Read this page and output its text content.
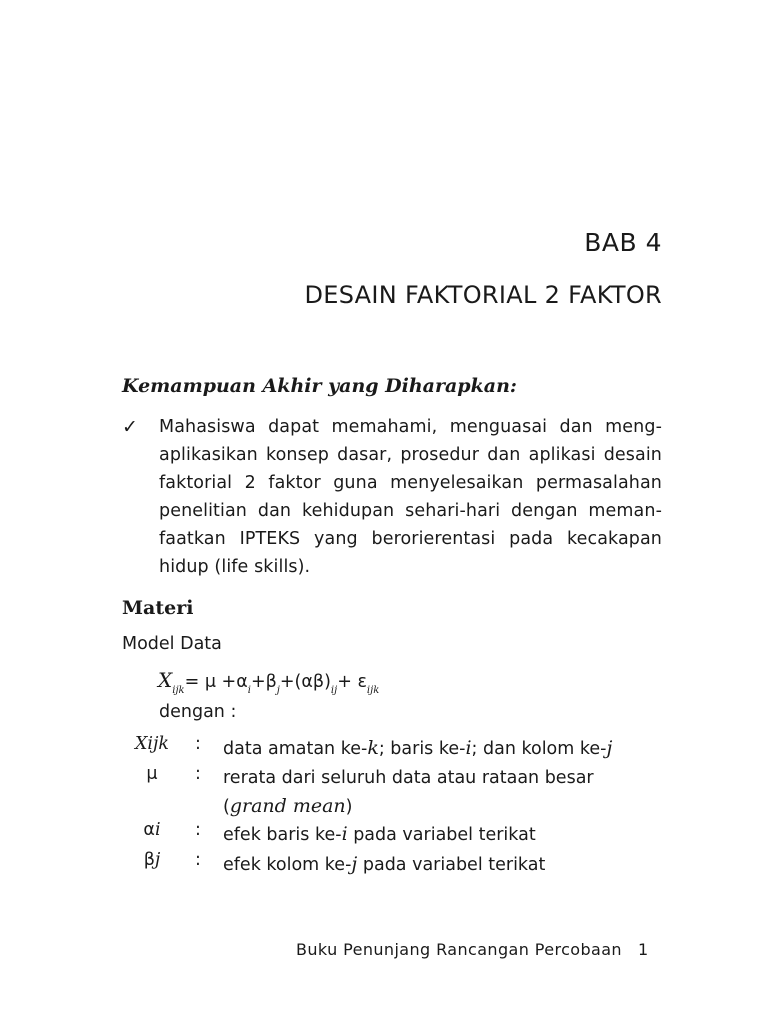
BAB 4
DESAIN FAKTORIAL 2 FAKTOR
Kemampuan Akhir yang Diharapkan:
✓ Mahasiswa dapat memahami, menguasai dan meng-aplikasikan konsep dasar, prosedur dan aplikasi desain faktorial 2 faktor guna menyelesaikan permasalahan penelitian dan kehidupan sehari-hari dengan meman-faatkan IPTEKS yang berorierentasi pada kecakapan hidup (life skills).
Materi
Model Data
$X_{ijk}= \mu +\alpha_i+\beta_j+(\alpha\beta)_{ij}+ \varepsilon_{ijk}$
dengan :
Xijk	: data amatan ke-k; baris ke-i; dan kolom ke-j
μ	: rerata dari seluruh data atau rataan besar
(grand mean)
αi	: efek baris ke-i pada variabel terikat
βj	: efek kolom ke-j pada variabel terikat
Buku Penunjang Rancangan Percobaan 1
